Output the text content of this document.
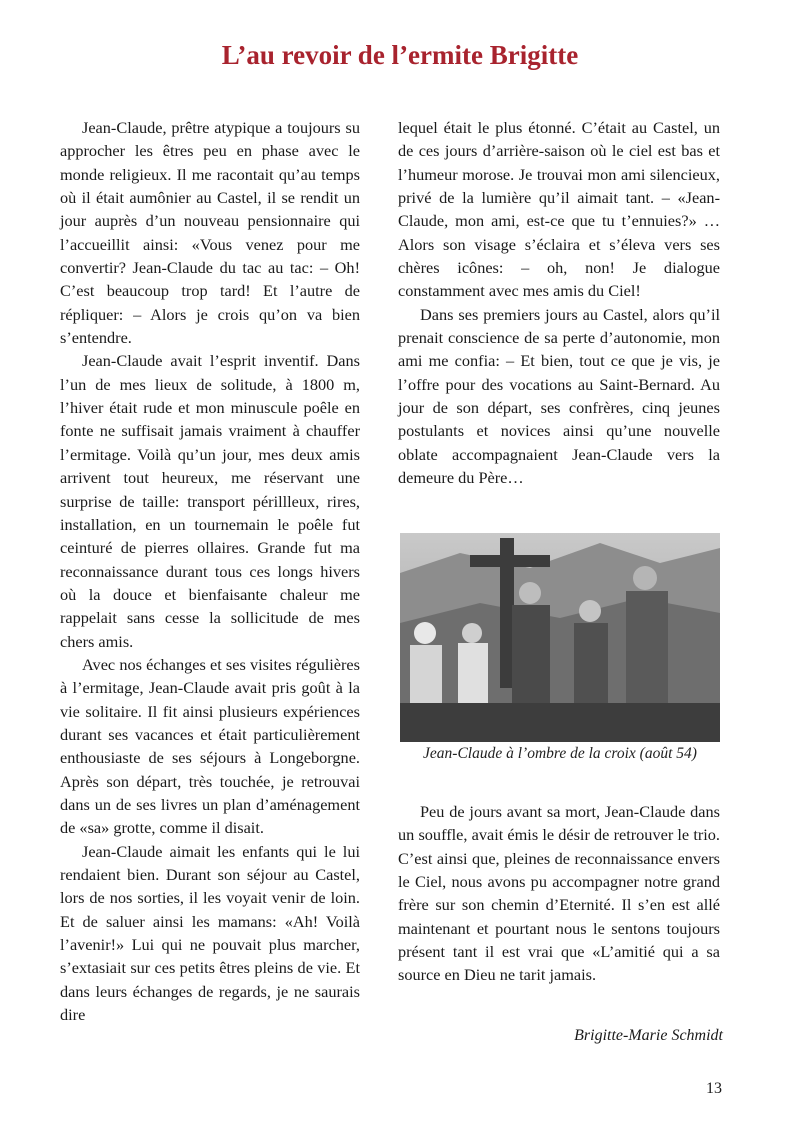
L’au revoir de l’ermite Brigitte

Jean-Claude, prêtre atypique a toujours su approcher les êtres peu en phase avec le monde religieux. Il me racontait qu’au temps où il était aumônier au Castel, il se rendit un jour auprès d’un nouveau pensionnaire qui l’accueillit ainsi: «Vous venez pour me convertir? Jean-Claude du tac au tac: – Oh! C’est beaucoup trop tard! Et l’autre de répliquer: – Alors je crois qu’on va bien s’entendre.

Jean-Claude avait l’esprit inventif. Dans l’un de mes lieux de solitude, à 1800 m, l’hiver était rude et mon minuscule poêle en fonte ne suffisait jamais vraiment à chauffer l’ermitage. Voilà qu’un jour, mes deux amis arrivent tout heureux, me réservant une surprise de taille: transport périllleux, rires, installation, en un tournemain le poêle fut ceinturé de pierres ollaires. Grande fut ma reconnaissance durant tous ces longs hivers où la douce et bienfaisante chaleur me rappelait sans cesse la sollicitude de mes chers amis.

Avec nos échanges et ses visites régulières à l’ermitage, Jean-Claude avait pris goût à la vie solitaire. Il fit ainsi plusieurs expériences durant ses vacances et était particulièrement enthousiaste de ses séjours à Longeborgne. Après son départ, très touchée, je retrouvai dans un de ses livres un plan d’aménagement de «sa» grotte, comme il disait.

Jean-Claude aimait les enfants qui le lui rendaient bien. Durant son séjour au Castel, lors de nos sorties, il les voyait venir de loin. Et de saluer ainsi les mamans: «Ah! Voilà l’avenir!» Lui qui ne pouvait plus marcher, s’extasiait sur ces petits êtres pleins de vie. Et dans leurs échanges de regards, je ne saurais dire

lequel était le plus étonné. C’était au Castel, un de ces jours d’arrière-saison où le ciel est bas et l’humeur morose. Je trouvai mon ami silencieux, privé de la lumière qu’il aimait tant. – «Jean-Claude, mon ami, est-ce que tu t’ennuies?» … Alors son visage s’éclaira et s’éleva vers ses chères icônes: – oh, non! Je dialogue constamment avec mes amis du Ciel!

Dans ses premiers jours au Castel, alors qu’il prenait conscience de sa perte d’autonomie, mon ami me confia: – Et bien, tout ce que je vis, je l’offre pour des vocations au Saint-Bernard. Au jour de son départ, ses confrères, cinq jeunes postulants et novices ainsi qu’une nouvelle oblate accompagnaient Jean-Claude vers la demeure du Père…

Jean-Claude à l’ombre de la croix (août 54)

Peu de jours avant sa mort, Jean-Claude dans un souffle, avait émis le désir de retrouver le trio. C’est ainsi que, pleines de reconnaissance envers le Ciel, nous avons pu accompagner notre grand frère sur son chemin d’Eternité. Il s’en est allé maintenant et pourtant nous le sentons toujours présent tant il est vrai que «L’amitié qui a sa source en Dieu ne tarit jamais.

Brigitte-Marie Schmidt
13
